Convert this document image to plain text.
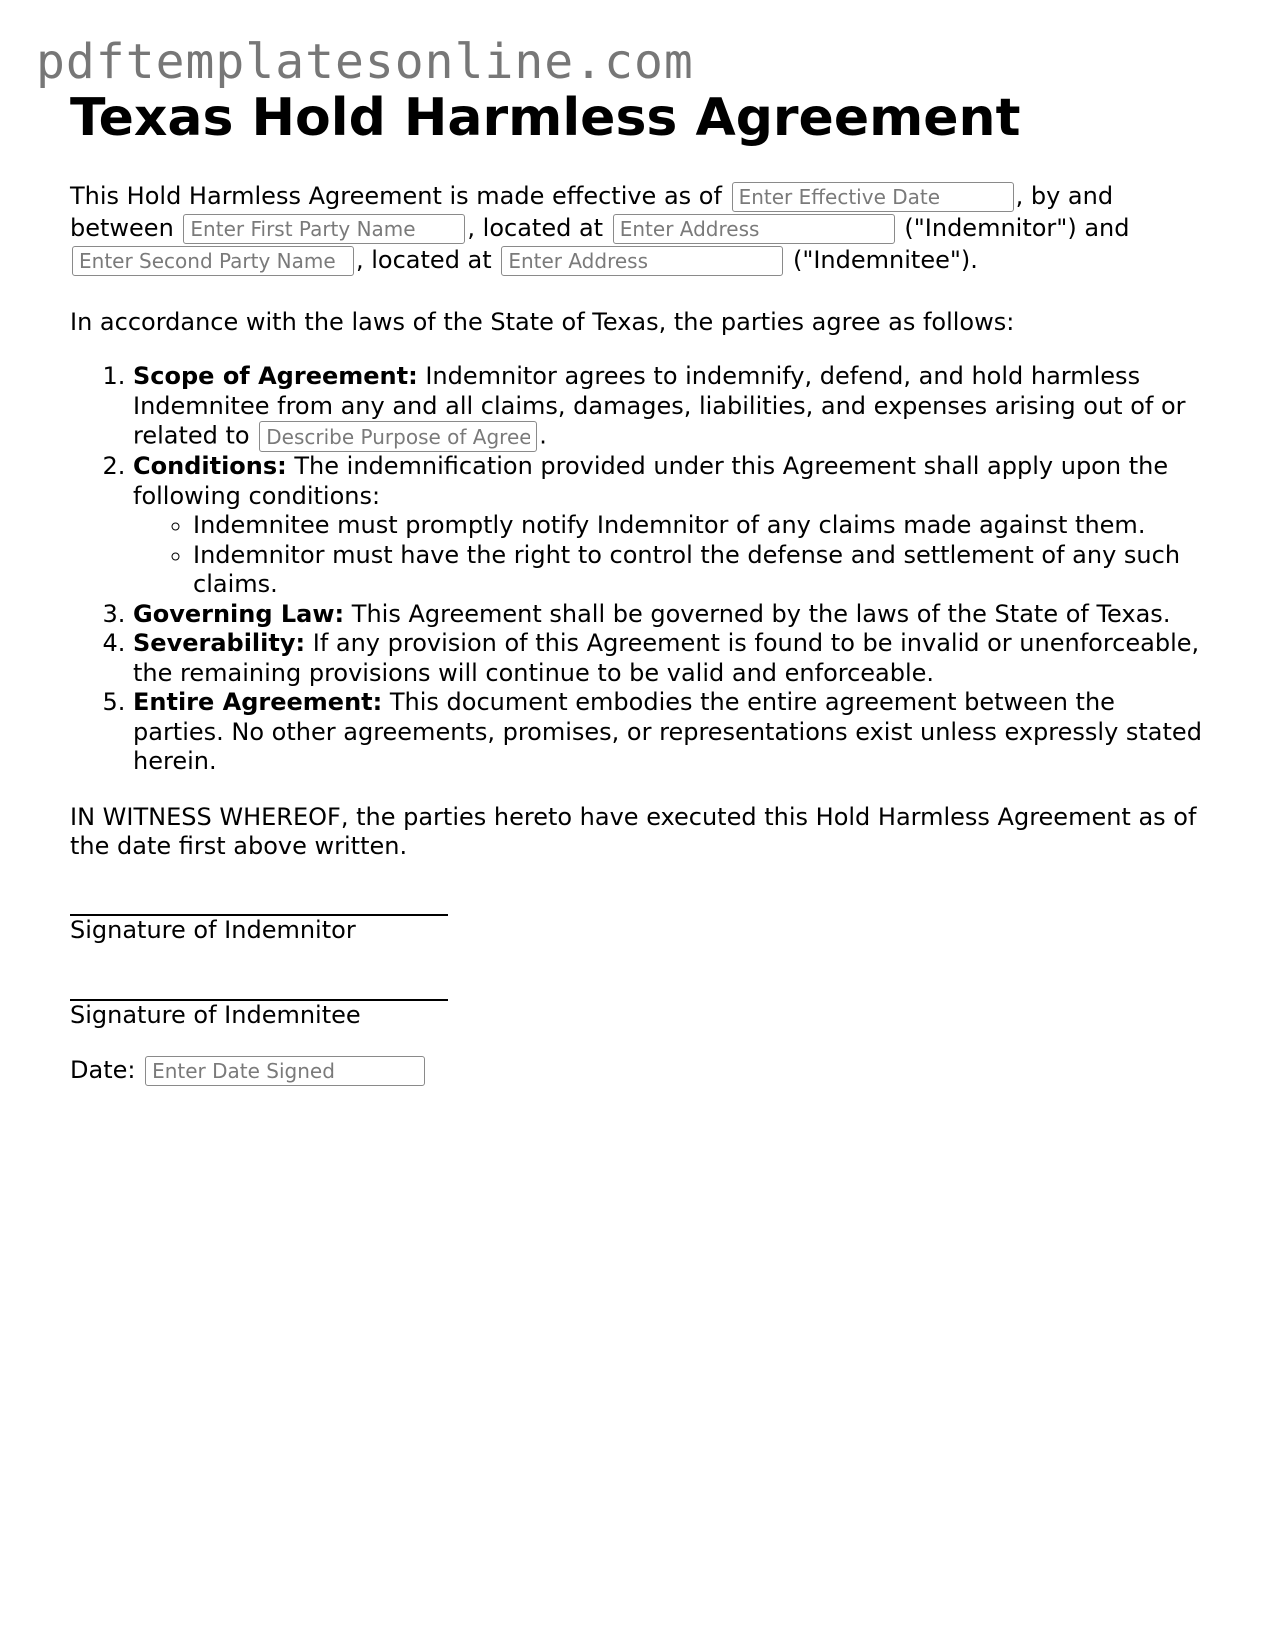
pdftemplatesonline.com
Texas Hold Harmless Agreement

This Hold Harmless Agreement is made effective as of Enter Effective Date	, by and between Enter First Party Name	, located at Enter Address	("Indemnitor") and Enter Second Party Name, located at Enter Address	("Indemnitee").

In accordance with the laws of the State of Texas, the parties agree as follows:

1. Scope of Agreement: Indemnitor agrees to indemnify, defend, and hold harmless Indemnitee from any and all claims, damages, liabilities, and expenses arising out of or related to Describe Purpose of Agreement	.
2. Conditions: The indemnification provided under this Agreement shall apply upon the following conditions:
◦ Indemnitee must promptly notify Indemnitor of any claims made against them.
◦ Indemnitor must have the right to control the defense and settlement of any such claims.
3. Governing Law: This Agreement shall be governed by the laws of the State of Texas.
4. Severability: If any provision of this Agreement is found to be invalid or unenforceable, the remaining provisions will continue to be valid and enforceable.
5. Entire Agreement: This document embodies the entire agreement between the parties. No other agreements, promises, or representations exist unless expressly stated herein.

IN WITNESS WHEREOF, the parties hereto have executed this Hold Harmless Agreement as of the date first above written.

Signature of Indemnitor
Signature of Indemnitee
Date: Enter Date Signed
